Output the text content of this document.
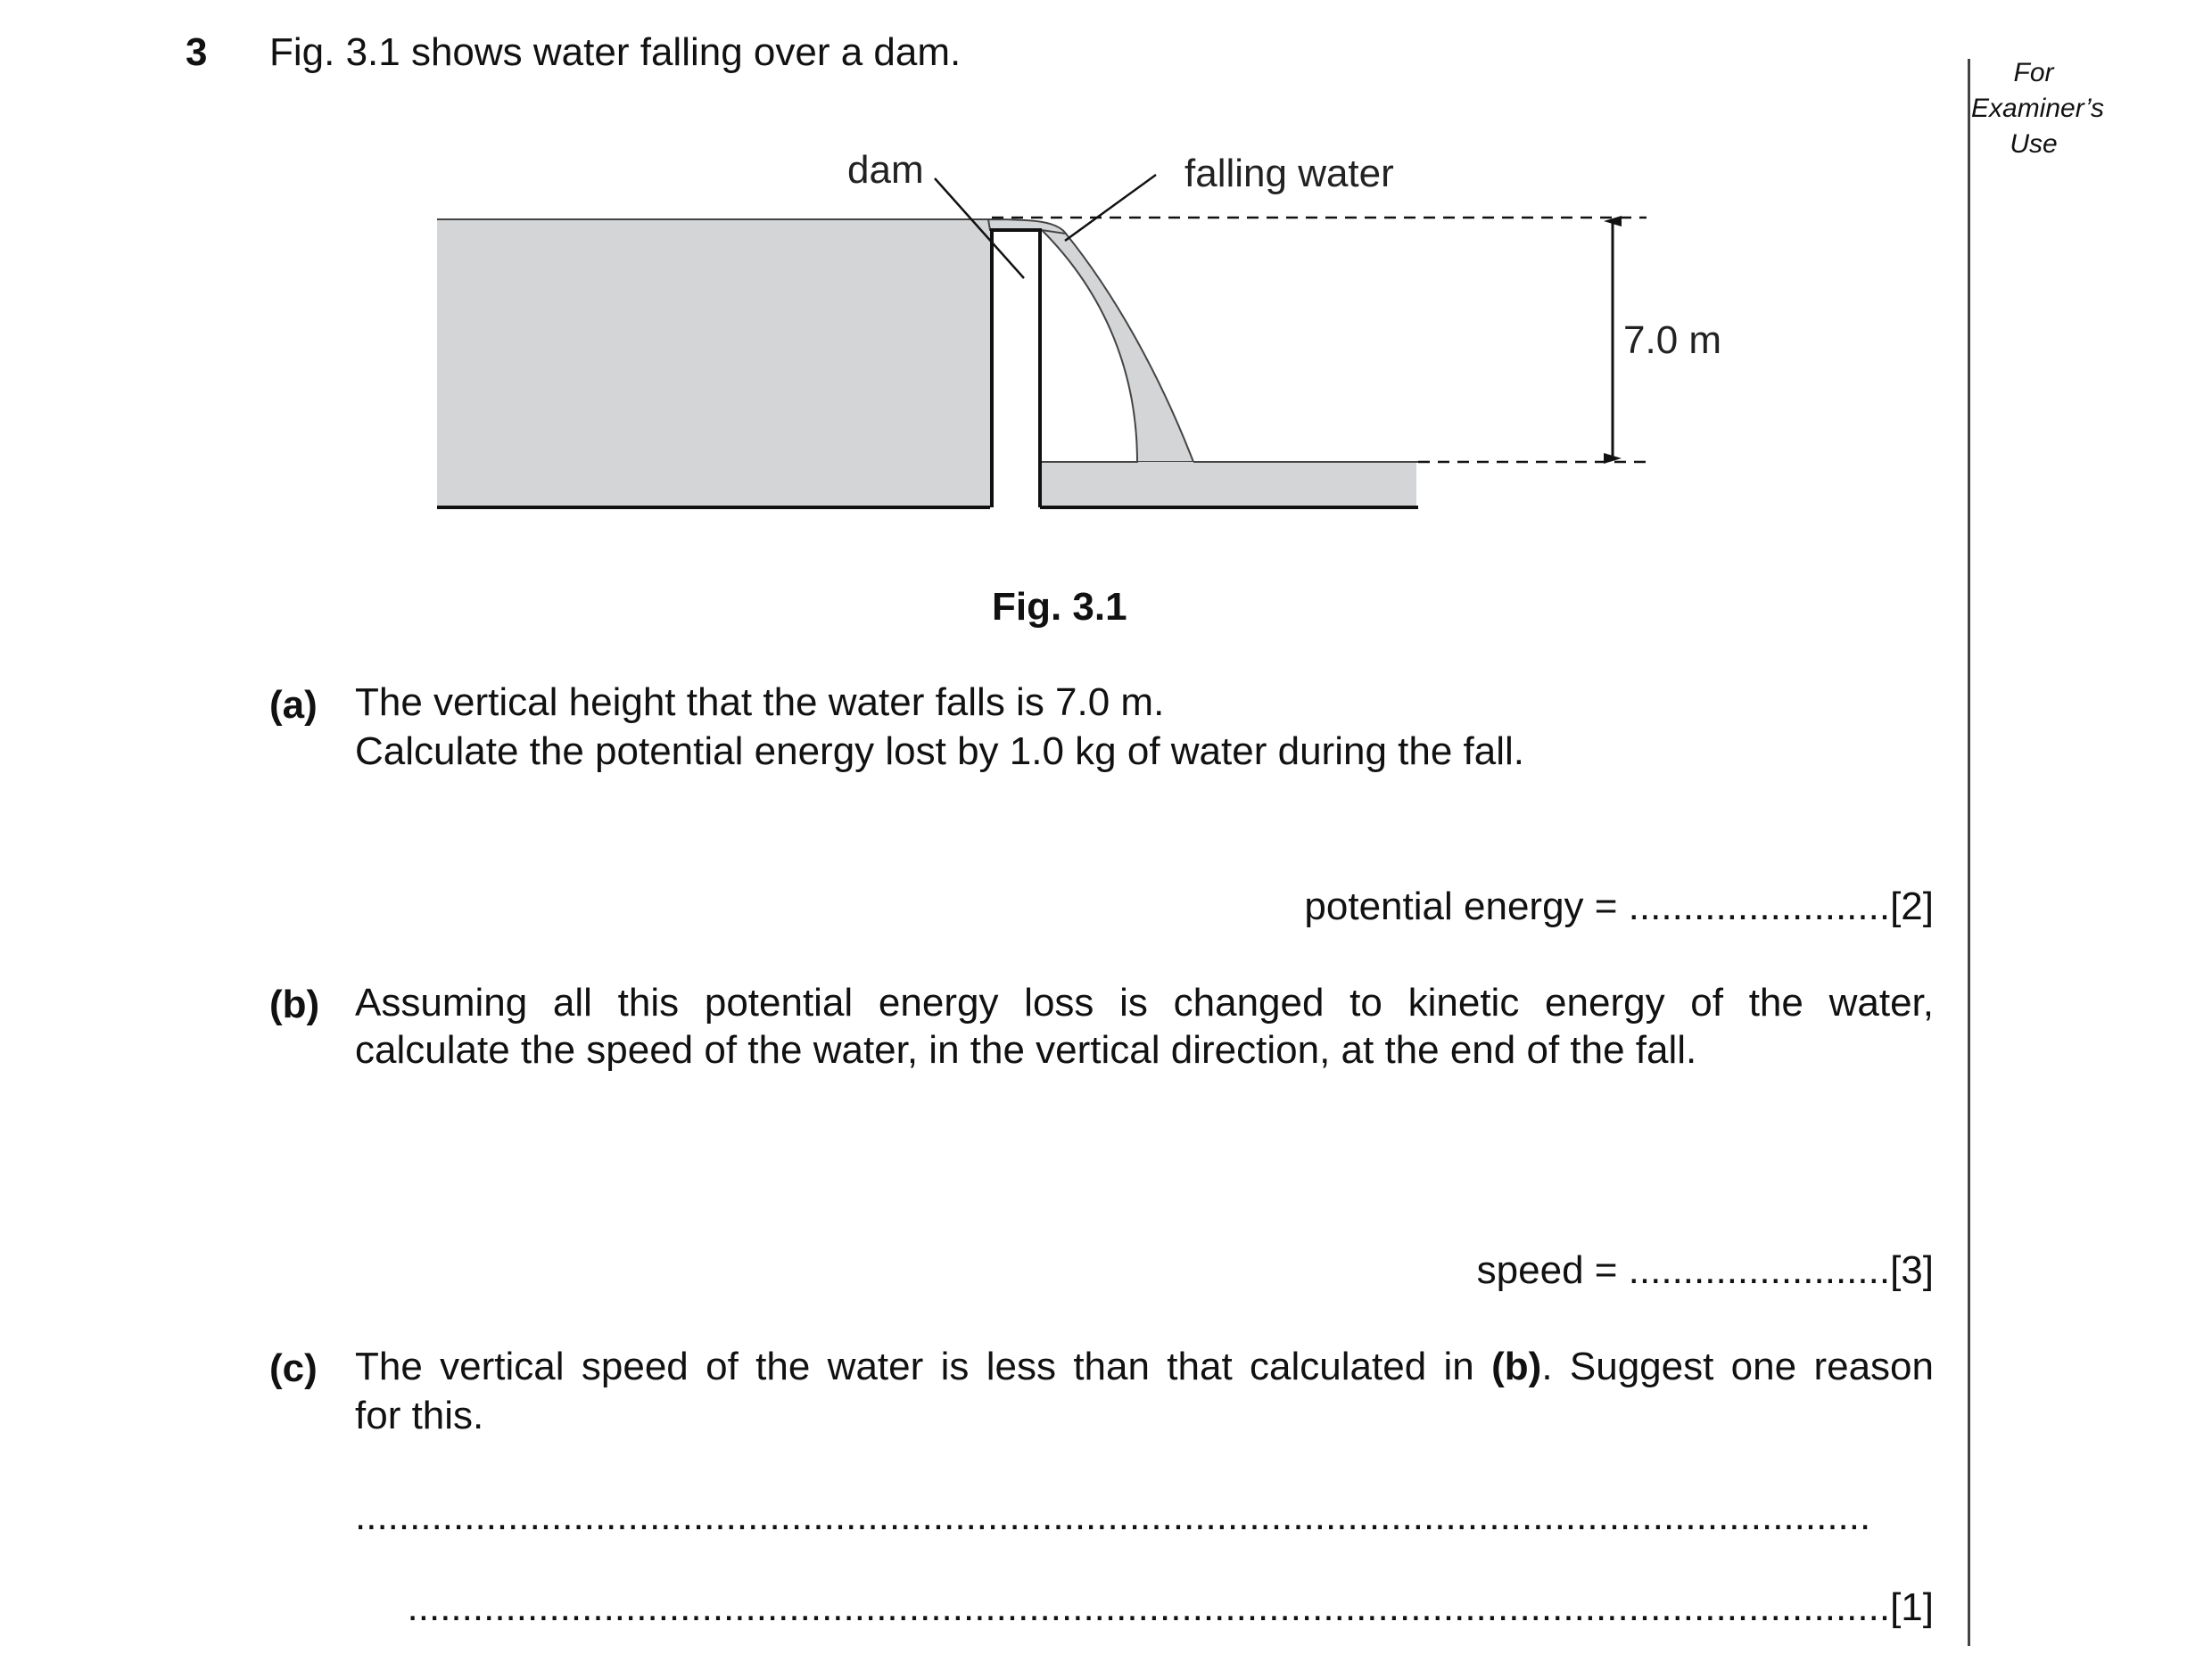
3 Fig. 3.1 shows water falling over a dam.	For
Examiner’s
Use
dam	falling water
7.0 m
Fig. 3.1
(a) The vertical height that the water falls is 7.0 m.
Calculate the potential energy lost by 1.0 kg of water during the fall.
potential energy = ........................[2]
(b) Assuming all this potential energy loss is changed to kinetic energy of the water,
calculate the speed of the water, in the vertical direction, at the end of the fall.
speed = ........................[3]
(c) The vertical speed of the water is less than that calculated in (b). Suggest one reason
for this.
...........................................................................................................................................
........................................................................................................................................[1]
